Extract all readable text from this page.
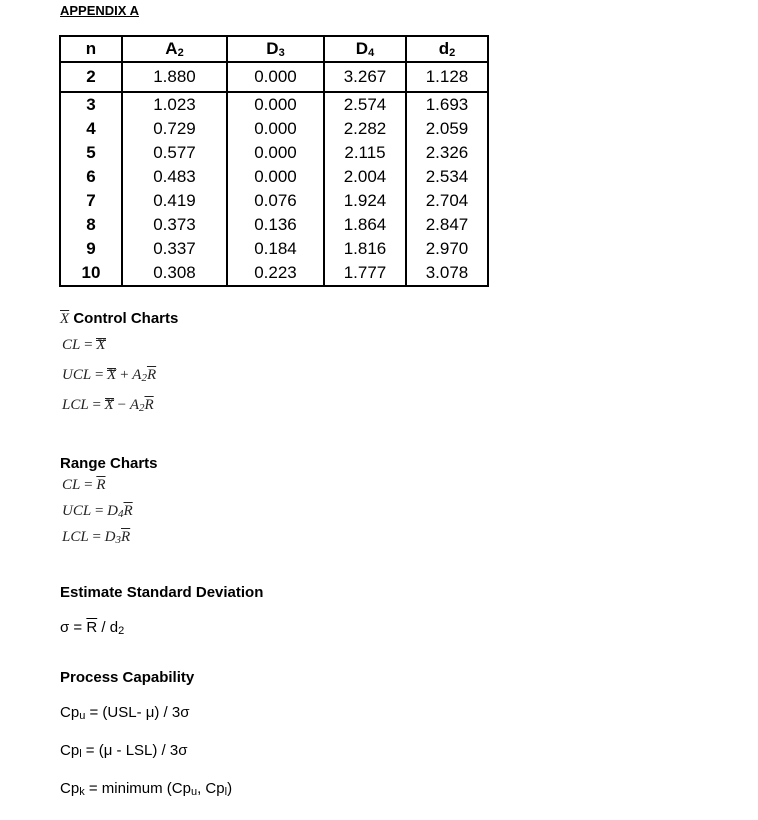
APPENDIX A
n	$A_2$	$D_3$	$D_4$	$d_2$
2	1.880	0.000	3.267	1.128
3	1.023	0.000	2.574	1.693
4	0.729	0.000	2.282	2.059
5	0.577	0.000	2.115	2.326
6	0.483	0.000	2.004	2.534
7	0.419	0.076	1.924	2.704
8	0.373	0.136	1.864	2.847
9	0.337	0.184	1.816	2.970
10	0.308	0.223	1.777	3.078
$\overline{X}$ Control Charts
CL = X
UCL = $X + A2\overline{R}$
LCL = $X - A2\overline{R}$
Range Charts
CL = $\overline{R}$
UCL = $D4\overline{R}$
LCL = $D3\overline{R}$
Estimate Standard Deviation
$\sigma = \overline{R} / d2$
Process Capability
Cpu = (USL- μ) / 3σ
Cpl = (μ - LSL) / 3σ
Cpk = minimum (Cpu, Cpl)
